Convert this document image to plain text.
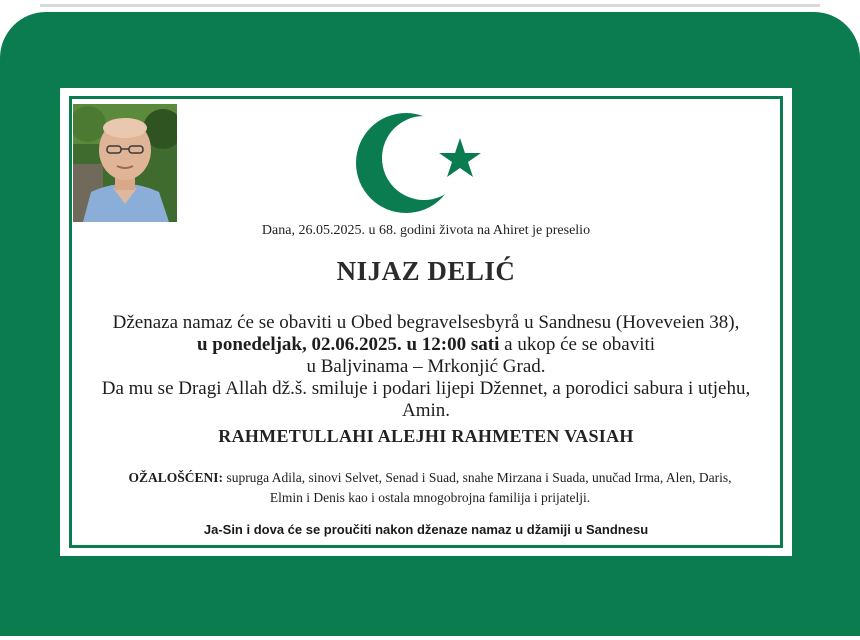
Dana, 26.05.2025. u 68. godini života na Ahiret je preselio
NIJAZ DELIĆ
Dženaza namaz će se obaviti u Obed begravelsesbyrå u Sandnesu (Hoveveien 38),
u ponedeljak, 02.06.2025. u 12:00 sati a ukop će se obaviti
u Baljvinama – Mrkonjić Grad.
Da mu se Dragi Allah dž.š. smiluje i podari lijepi Džennet, a porodici sabura i utjehu,
Amin.
RAHMETULLAHI ALEJHI RAHMETEN VASIAH
OŽALOŠĆENI: supruga Adila, sinovi Selvet, Senad i Suad, snahe Mirzana i Suada, unučad Irma, Alen, Daris,
Elmin i Denis kao i ostala mnogobrojna familija i prijatelji.
Ja-Sin i dova će se proučiti nakon dženaze namaz u džamiji u Sandnesu
